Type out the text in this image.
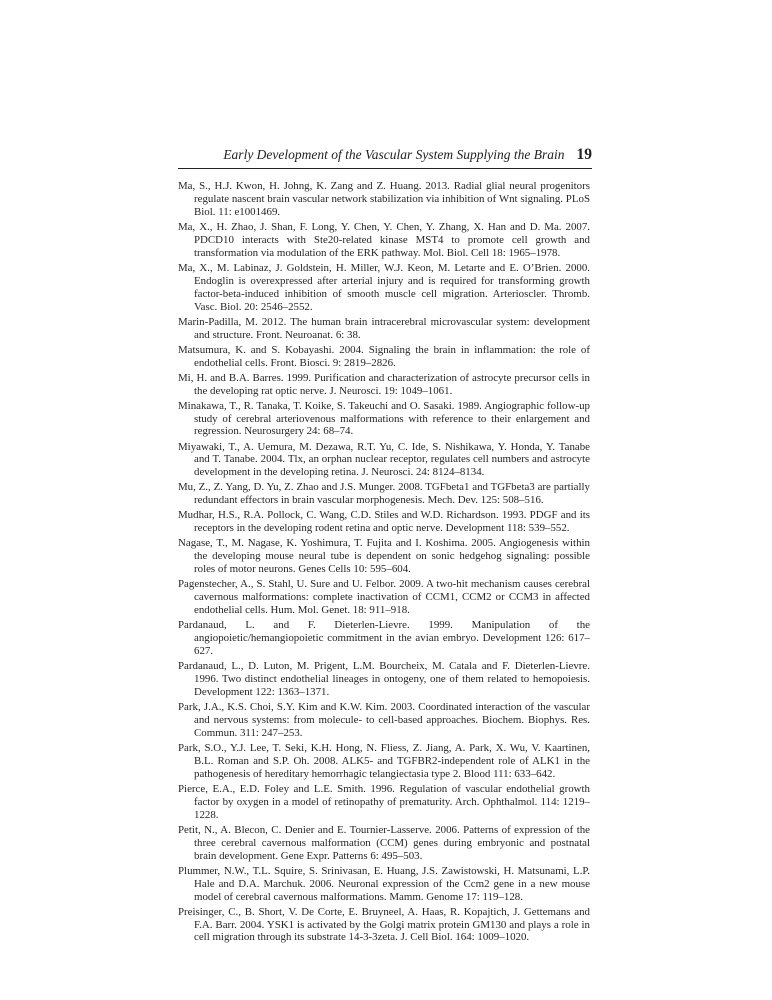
Early Development of the Vascular System Supplying the Brain 19
Ma, S., H.J. Kwon, H. Johng, K. Zang and Z. Huang. 2013. Radial glial neural progenitors regulate nascent brain vascular network stabilization via inhibition of Wnt signaling. PLoS Biol. 11: e1001469.
Ma, X., H. Zhao, J. Shan, F. Long, Y. Chen, Y. Chen, Y. Zhang, X. Han and D. Ma. 2007. PDCD10 interacts with Ste20-related kinase MST4 to promote cell growth and transformation via modulation of the ERK pathway. Mol. Biol. Cell 18: 1965–1978.
Ma, X., M. Labinaz, J. Goldstein, H. Miller, W.J. Keon, M. Letarte and E. O’Brien. 2000. Endoglin is overexpressed after arterial injury and is required for transforming growth factor-beta-induced inhibition of smooth muscle cell migration. Arterioscler. Thromb. Vasc. Biol. 20: 2546–2552.
Marin-Padilla, M. 2012. The human brain intracerebral microvascular system: development and structure. Front. Neuroanat. 6: 38.
Matsumura, K. and S. Kobayashi. 2004. Signaling the brain in inflammation: the role of endothelial cells. Front. Biosci. 9: 2819–2826.
Mi, H. and B.A. Barres. 1999. Purification and characterization of astrocyte precursor cells in the developing rat optic nerve. J. Neurosci. 19: 1049–1061.
Minakawa, T., R. Tanaka, T. Koike, S. Takeuchi and O. Sasaki. 1989. Angiographic follow-up study of cerebral arteriovenous malformations with reference to their enlargement and regression. Neurosurgery 24: 68–74.
Miyawaki, T., A. Uemura, M. Dezawa, R.T. Yu, C. Ide, S. Nishikawa, Y. Honda, Y. Tanabe and T. Tanabe. 2004. Tlx, an orphan nuclear receptor, regulates cell numbers and astrocyte development in the developing retina. J. Neurosci. 24: 8124–8134.
Mu, Z., Z. Yang, D. Yu, Z. Zhao and J.S. Munger. 2008. TGFbeta1 and TGFbeta3 are partially redundant effectors in brain vascular morphogenesis. Mech. Dev. 125: 508–516.
Mudhar, H.S., R.A. Pollock, C. Wang, C.D. Stiles and W.D. Richardson. 1993. PDGF and its receptors in the developing rodent retina and optic nerve. Development 118: 539–552.
Nagase, T., M. Nagase, K. Yoshimura, T. Fujita and I. Koshima. 2005. Angiogenesis within the developing mouse neural tube is dependent on sonic hedgehog signaling: possible roles of motor neurons. Genes Cells 10: 595–604.
Pagenstecher, A., S. Stahl, U. Sure and U. Felbor. 2009. A two-hit mechanism causes cerebral cavernous malformations: complete inactivation of CCM1, CCM2 or CCM3 in affected endothelial cells. Hum. Mol. Genet. 18: 911–918.
Pardanaud, L. and F. Dieterlen-Lievre. 1999. Manipulation of the angiopoietic/hemangiopoietic commitment in the avian embryo. Development 126: 617–627.
Pardanaud, L., D. Luton, M. Prigent, L.M. Bourcheix, M. Catala and F. Dieterlen-Lievre. 1996. Two distinct endothelial lineages in ontogeny, one of them related to hemopoiesis. Development 122: 1363–1371.
Park, J.A., K.S. Choi, S.Y. Kim and K.W. Kim. 2003. Coordinated interaction of the vascular and nervous systems: from molecule- to cell-based approaches. Biochem. Biophys. Res. Commun. 311: 247–253.
Park, S.O., Y.J. Lee, T. Seki, K.H. Hong, N. Fliess, Z. Jiang, A. Park, X. Wu, V. Kaartinen, B.L. Roman and S.P. Oh. 2008. ALK5- and TGFBR2-independent role of ALK1 in the pathogenesis of hereditary hemorrhagic telangiectasia type 2. Blood 111: 633–642.
Pierce, E.A., E.D. Foley and L.E. Smith. 1996. Regulation of vascular endothelial growth factor by oxygen in a model of retinopathy of prematurity. Arch. Ophthalmol. 114: 1219–1228.
Petit, N., A. Blecon, C. Denier and E. Tournier-Lasserve. 2006. Patterns of expression of the three cerebral cavernous malformation (CCM) genes during embryonic and postnatal brain development. Gene Expr. Patterns 6: 495–503.
Plummer, N.W., T.L. Squire, S. Srinivasan, E. Huang, J.S. Zawistowski, H. Matsunami, L.P. Hale and D.A. Marchuk. 2006. Neuronal expression of the Ccm2 gene in a new mouse model of cerebral cavernous malformations. Mamm. Genome 17: 119–128.
Preisinger, C., B. Short, V. De Corte, E. Bruyneel, A. Haas, R. Kopajtich, J. Gettemans and F.A. Barr. 2004. YSK1 is activated by the Golgi matrix protein GM130 and plays a role in cell migration through its substrate 14-3-3zeta. J. Cell Biol. 164: 1009–1020.
